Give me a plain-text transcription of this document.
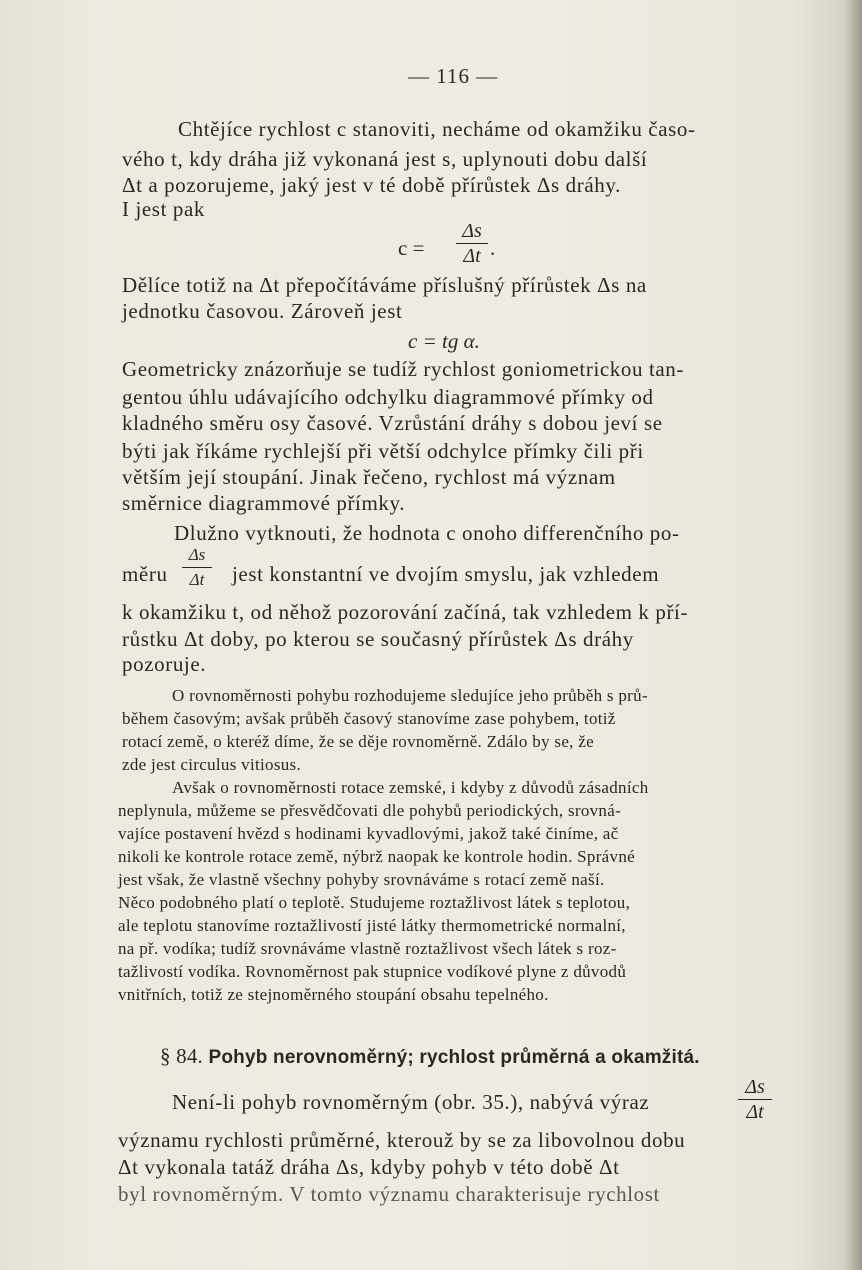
— 116 —
Chtějíce rychlost c stanoviti, necháme od okamžiku časo-
vého t, kdy dráha již vykonaná jest s, uplynouti dobu další
Δt a pozorujeme, jaký jest v té době přírůstek Δs dráhy.
I jest pak
c =
Δs
Δt .
Dělíce totiž na Δt přepočítáváme příslušný přírůstek Δs na
jednotku časovou. Zároveň jest
c = tg α.
Geometricky znázorňuje se tudíž rychlost goniometrickou tan-
gentou úhlu udávajícího odchylku diagrammové přímky od
kladného směru osy časové. Vzrůstání dráhy s dobou jeví se
býti jak říkáme rychlejší při větší odchylce přímky čili při
větším její stoupání. Jinak řečeno, rychlost má význam
směrnice diagrammové přímky.
Dlužno vytknouti, že hodnota c onoho differenčního po-
měru
Δs
Δt	jest konstantní ve dvojím smyslu, jak vzhledem
k okamžiku t, od něhož pozorování začíná, tak vzhledem k pří-
růstku Δt doby, po kterou se současný přírůstek Δs dráhy
pozoruje.
O rovnoměrnosti pohybu rozhodujeme sledujíce jeho průběh s prů-
během časovým; avšak průběh časový stanovíme zase pohybem, totiž
rotací země, o kteréž díme, že se děje rovnoměrně. Zdálo by se, že
zde jest circulus vitiosus.
Avšak o rovnoměrnosti rotace zemské, i kdyby z důvodů zásadních
neplynula, můžeme se přesvědčovati dle pohybů periodických, srovná-
vajíce postavení hvězd s hodinami kyvadlovými, jakož také činíme, ač
nikoli ke kontrole rotace země, nýbrž naopak ke kontrole hodin. Správné
jest však, že vlastně všechny pohyby srovnáváme s rotací země naší.
Něco podobného platí o teplotě. Studujeme roztažlivost látek s teplotou,
ale teplotu stanovíme roztažlivostí jisté látky thermometrické normalní,
na př. vodíka; tudíž srovnáváme vlastně roztažlivost všech látek s roz-
tažlivostí vodíka. Rovnoměrnost pak stupnice vodíkové plyne z důvodů
vnitřních, totiž ze stejnoměrného stoupání obsahu tepelného.
§ 84. Pohyb nerovnoměrný; rychlost průměrná a okamžitá.
Není-li pohyb rovnoměrným (obr. 35.), nabývá výraz
Δs
Δt
významu rychlosti průměrné, kterouž by se za libovolnou dobu
Δt vykonala tatáž dráha Δs, kdyby pohyb v této době Δt
byl rovnoměrným. V tomto významu charakterisuje rychlost
